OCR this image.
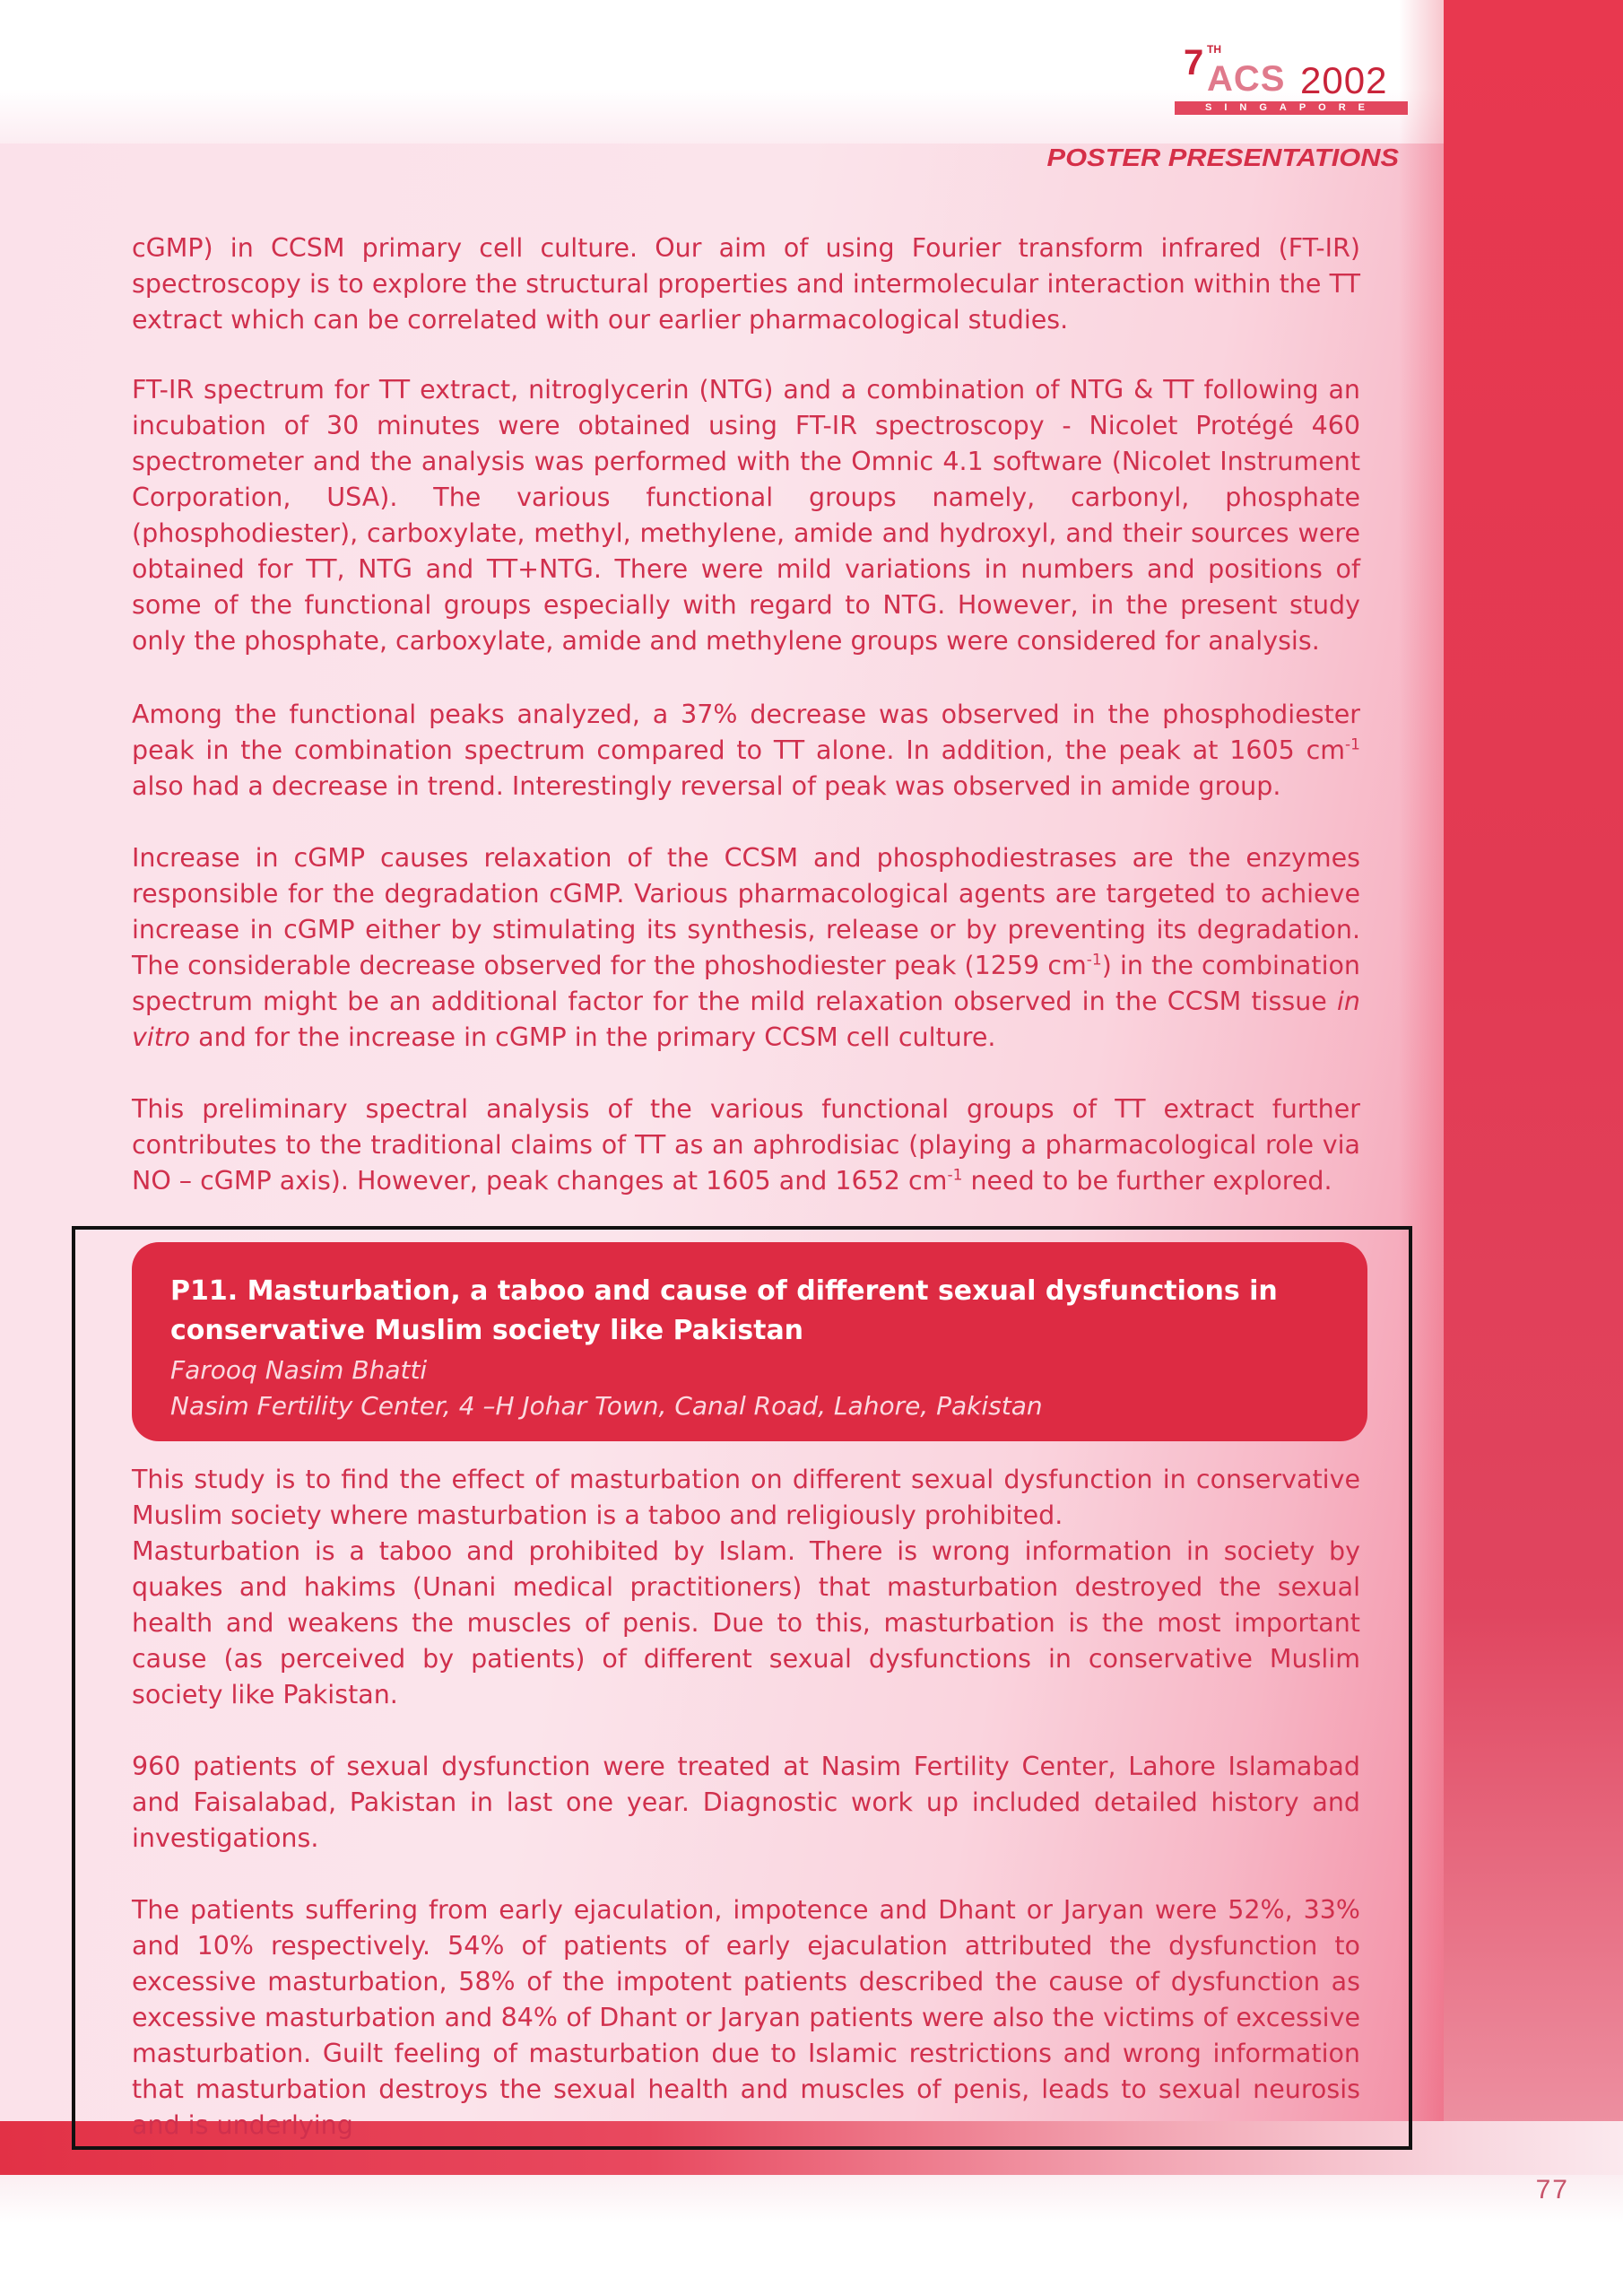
7 TH
ACS 2002
SINGAPORE
POSTER PRESENTATIONS

cGMP) in CCSM primary cell culture. Our aim of using Fourier transform infrared (FT-IR) spectroscopy is to explore the structural properties and intermolecular interaction within the TT extract which can be correlated with our earlier pharmacological studies.

FT-IR spectrum for TT extract, nitroglycerin (NTG) and a combination of NTG & TT following an incubation of 30 minutes were obtained using FT-IR spectroscopy - Nicolet Protégé 460 spectrometer and the analysis was performed with the Omnic 4.1 software (Nicolet Instrument Corporation, USA). The various functional groups namely, carbonyl, phosphate (phosphodiester), carboxylate, methyl, methylene, amide and hydroxyl, and their sources were obtained for TT, NTG and TT+NTG. There were mild variations in numbers and positions of some of the functional groups especially with regard to NTG. However, in the present study only the phosphate, carboxylate, amide and methylene groups were considered for analysis.

Among the functional peaks analyzed, a 37% decrease was observed in the phosphodiester peak in the combination spectrum compared to TT alone. In addition, the peak at 1605 $cm^{-1}$ also had a decrease in trend. Interestingly reversal of peak was observed in amide group.

Increase in cGMP causes relaxation of the CCSM and phosphodiestrases are the enzymes responsible for the degradation cGMP. Various pharmacological agents are targeted to achieve increase in cGMP either by stimulating its synthesis, release or by preventing its degradation. The considerable decrease observed for the phoshodiester peak (1259 $cm^{-1}$) in the combination spectrum might be an additional factor for the mild relaxation observed in the CCSM tissue in vitro and for the increase in cGMP in the primary CCSM cell culture.

This preliminary spectral analysis of the various functional groups of TT extract further contributes to the traditional claims of TT as an aphrodisiac (playing a pharmacological role via NO – cGMP axis). However, peak changes at 1605 and 1652 $cm^{-1}$ need to be further explored.

P11. Masturbation, a taboo and cause of different sexual dysfunctions in conservative Muslim society like Pakistan
Farooq Nasim Bhatti
Nasim Fertility Center, 4 –H Johar Town, Canal Road, Lahore, Pakistan
This study is to find the effect of masturbation on different sexual dysfunction in conservative Muslim society where masturbation is a taboo and religiously prohibited.
Masturbation is a taboo and prohibited by Islam. There is wrong information in society by quakes and hakims (Unani medical practitioners) that masturbation destroyed the sexual health and weakens the muscles of penis. Due to this, masturbation is the most important cause (as perceived by patients) of different sexual dysfunctions in conservative Muslim society like Pakistan.
960 patients of sexual dysfunction were treated at Nasim Fertility Center, Lahore Islamabad and Faisalabad, Pakistan in last one year. Diagnostic work up included detailed history and investigations.
The patients suffering from early ejaculation, impotence and Dhant or Jaryan were 52%, 33% and 10% respectively. 54% of patients of early ejaculation attributed the dysfunction to excessive masturbation, 58% of the impotent patients described the cause of dysfunction as excessive masturbation and 84% of Dhant or Jaryan patients were also the victims of excessive masturbation. Guilt feeling of masturbation due to Islamic restrictions and wrong information that masturbation destroys the sexual health and muscles of penis, leads to sexual neurosis and is underlying
77
